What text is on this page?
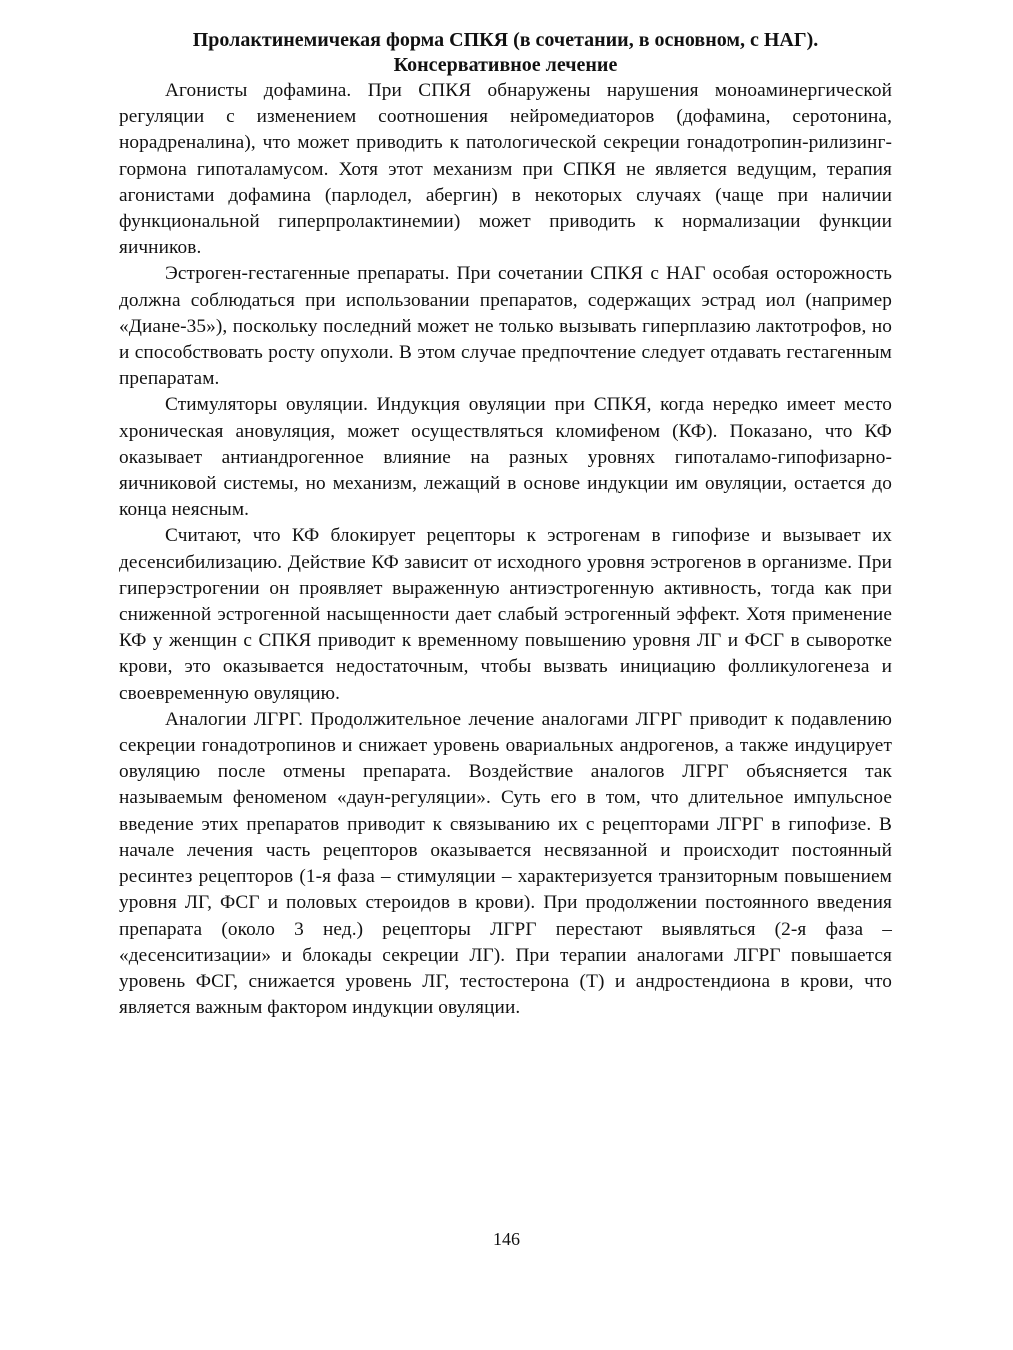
Пролактинемичекая форма СПКЯ (в сочетании, в основном, с НАГ).

Консервативное лечение

Агонисты дофамина. При СПКЯ обнаружены нарушения моноаминергической регуляции с изменением соотношения нейромедиаторов (дофамина, серотонина, норадреналина), что может приводить к патологической секреции гонадотропин-рилизинг-гормона гипоталамусом. Хотя этот механизм при СПКЯ не является ведущим, терапия агонистами дофамина (парлодел, абергин) в некоторых случаях (чаще при наличии функциональной гиперпролактинемии) может приводить к нормализации функции яичников.

Эстроген-гестагенные препараты. При сочетании СПКЯ с НАГ особая осторожность должна соблюдаться при использовании препаратов, содержащих эстрад иол (например «Диане-35»), поскольку последний может не только вызывать гиперплазию лактотрофов, но и способствовать росту опухоли. В этом случае предпочтение следует отдавать гестагенным препаратам.

Стимуляторы овуляции. Индукция овуляции при СПКЯ, когда нередко имеет место хроническая ановуляция, может осуществляться кломифеном (КФ). Показано, что КФ оказывает антиандрогенное влияние на разных уровнях гипоталамо-гипофизарно-яичниковой системы, но механизм, лежащий в основе индукции им овуляции, остается до конца неясным.

Считают, что КФ блокирует рецепторы к эстрогенам в гипофизе и вызывает их десенсибилизацию. Действие КФ зависит от исходного уровня эстрогенов в организме. При гиперэстрогении он проявляет выраженную антиэстрогенную активность, тогда как при сниженной эстрогенной насыщенности дает слабый эстрогенный эффект. Хотя применение КФ у женщин с СПКЯ приводит к временному повышению уровня ЛГ и ФСГ в сыворотке крови, это оказывается недостаточным, чтобы вызвать инициацию фолликулогенеза и своевременную овуляцию.

Аналогии ЛГРГ. Продолжительное лечение аналогами ЛГРГ приводит к подавлению секреции гонадотропинов и снижает уровень овариальных андрогенов, а также индуцирует овуляцию после отмены препарата. Воздействие аналогов ЛГРГ объясняется так называемым феноменом «даун-регуляции». Суть его в том, что длительное импульсное введение этих препаратов приводит к связыванию их с рецепторами ЛГРГ в гипофизе. В начале лечения часть рецепторов оказывается несвязанной и происходит постоянный ресинтез рецепторов (1-я фаза – стимуляции – характеризуется транзиторным повышением уровня ЛГ, ФСГ и половых стероидов в крови). При продолжении постоянного введения препарата (около 3 нед.) рецепторы ЛГРГ перестают выявляться (2-я фаза – «десенситизации» и блокады секреции ЛГ). При терапии аналогами ЛГРГ повышается уровень ФСГ, снижается уровень ЛГ, тестостерона (Т) и андростендиона в крови, что является важным фактором индукции овуляции.

146
